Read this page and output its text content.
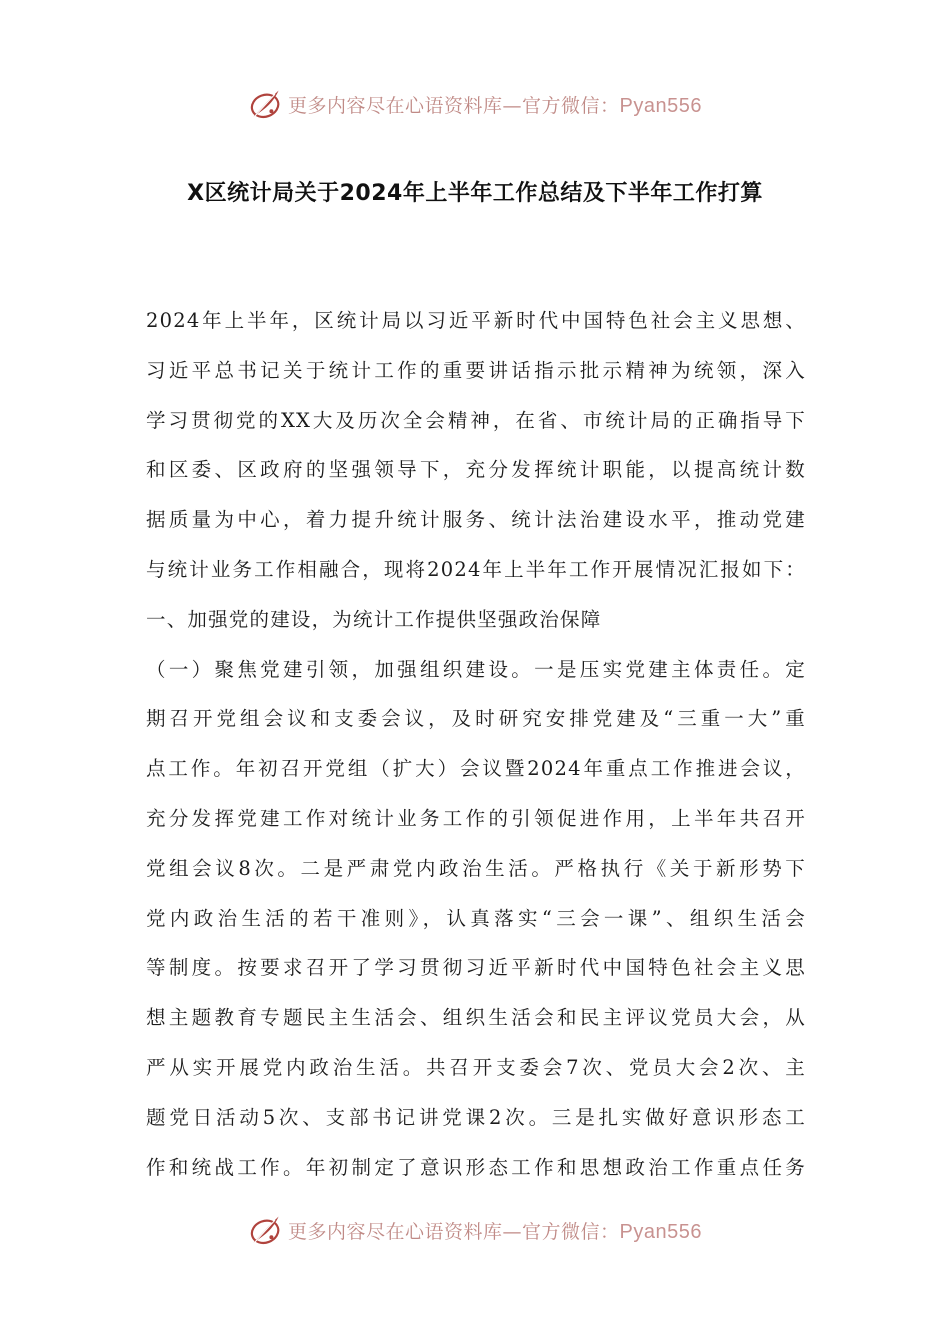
更多内容尽在心语资料库—官方微信：Pyan556
X区统计局关于2024年上半年工作总结及下半年工作打算
2024年上半年，区统计局以习近平新时代中国特色社会主义思想、
习近平总书记关于统计工作的重要讲话指示批示精神为统领，深入
学习贯彻党的XX大及历次全会精神，在省、市统计局的正确指导下
和区委、区政府的坚强领导下，充分发挥统计职能，以提高统计数
据质量为中心，着力提升统计服务、统计法治建设水平，推动党建
与统计业务工作相融合，现将2024年上半年工作开展情况汇报如下：
一、加强党的建设，为统计工作提供坚强政治保障
（一）聚焦党建引领，加强组织建设。一是压实党建主体责任。定
期召开党组会议和支委会议，及时研究安排党建及“三重一大”重
点工作。年初召开党组（扩大）会议暨2024年重点工作推进会议，
充分发挥党建工作对统计业务工作的引领促进作用，上半年共召开
党组会议8次。二是严肃党内政治生活。严格执行《关于新形势下
党内政治生活的若干准则》，认真落实“三会一课”、组织生活会
等制度。按要求召开了学习贯彻习近平新时代中国特色社会主义思
想主题教育专题民主生活会、组织生活会和民主评议党员大会，从
严从实开展党内政治生活。共召开支委会7次、党员大会2次、主
题党日活动5次、支部书记讲党课2次。三是扎实做好意识形态工
作和统战工作。年初制定了意识形态工作和思想政治工作重点任务
更多内容尽在心语资料库—官方微信：Pyan556
